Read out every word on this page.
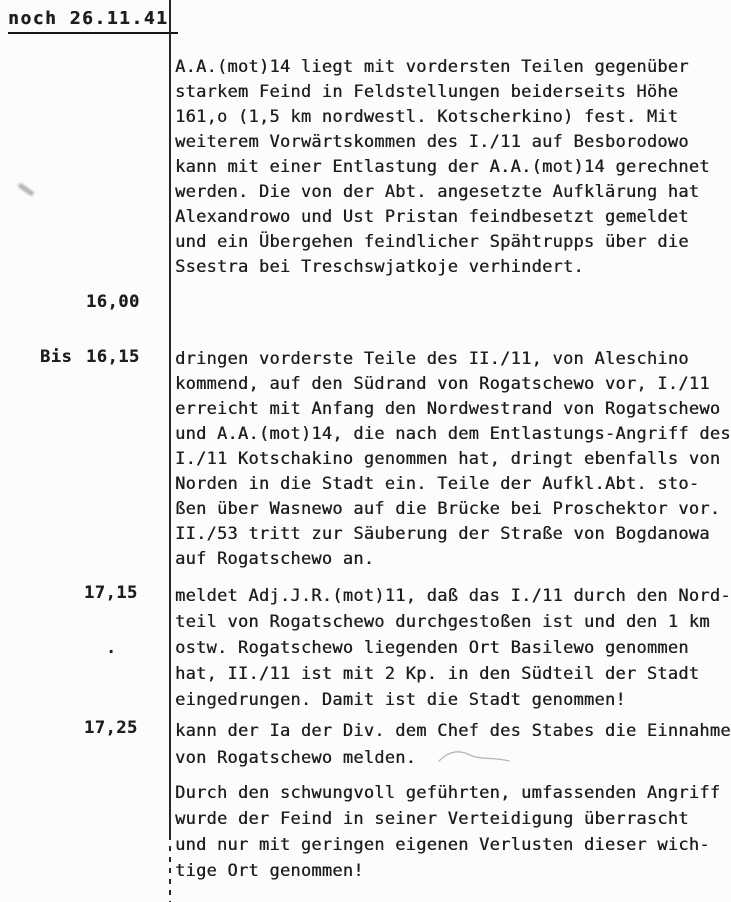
noch 26.11.41
.
A.A.(mot)14 liegt mit vordersten Teilen gegenüber
starkem Feind in Feldstellungen beiderseits Höhe
161,o (1,5 km nordwestl. Kotscherkino) fest. Mit
weiterem Vorwärtskommen des I./11 auf Besborodowo
kann mit einer Entlastung der A.A.(mot)14 gerechnet
werden. Die von der Abt. angesetzte Aufklärung hat
Alexandrowo und Ust Pristan feindbesetzt gemeldet
und ein Übergehen feindlicher Spähtrupps über die
Ssestra bei Treschswjatkoje verhindert.
16,00
Bis 16,15 dringen vorderste Teile des II./11, von Aleschino
kommend, auf den Südrand von Rogatschewo vor, I./11
erreicht mit Anfang den Nordwestrand von Rogatschewo
und A.A.(mot)14, die nach dem Entlastungs-Angriff des
I./11 Kotschakino genommen hat, dringt ebenfalls von
Norden in die Stadt ein. Teile der Aufkl.Abt. sto-
ßen über Wasnewo auf die Brücke bei Proschektor vor.
II./53 tritt zur Säuberung der Straße von Bogdanowa
auf Rogatschewo an.
17,15 meldet Adj.J.R.(mot)11, daß das I./11 durch den Nord-
teil von Rogatschewo durchgestoßen ist und den 1 km
ostw. Rogatschewo liegenden Ort Basilewo genommen
hat, II./11 ist mit 2 Kp. in den Südteil der Stadt
eingedrungen. Damit ist die Stadt genommen!
17,25 kann der Ia der Div. dem Chef des Stabes die Einnahme
von Rogatschewo melden.
Durch den schwungvoll geführten, umfassenden Angriff
wurde der Feind in seiner Verteidigung überrascht
und nur mit geringen eigenen Verlusten dieser wich-
tige Ort genommen!
